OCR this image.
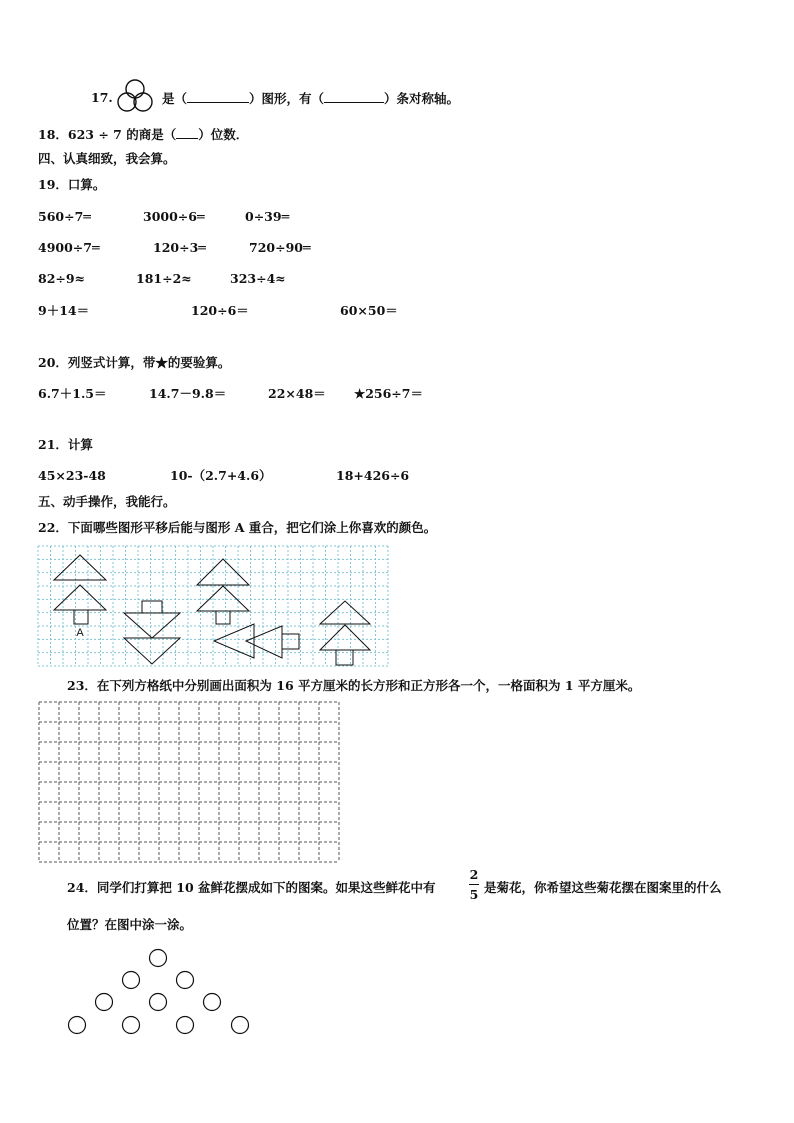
17.	是（	）图形，有（	）条对称轴。
18．623 ÷ 7 的商是（ ）位数．
四、认真细致，我会算。
19．口算。
560÷7═	3000÷6═	0÷39═
4900÷7═	120÷3═	720÷90═
82÷9≈	181÷2≈	323÷4≈
9＋14＝	120÷6＝	60×50＝
20．列竖式计算，带★的要验算。
6.7＋1.5＝	14.7－9.8＝	22×48＝ ★256÷7＝
21．计算
45×23-48	10-（2.7+4.6）	18+426÷6
五、动手操作，我能行。
22．下面哪些图形平移后能与图形 A 重合，把它们涂上你喜欢的颜色。
A
23．在下列方格纸中分别画出面积为 16 平方厘米的长方形和正方形各一个，一格面积为 1 平方厘米。
24．同学们打算把 10 盆鲜花摆成如下的图案。如果这些鲜花中有
2
5 是菊花，你希望这些菊花摆在图案里的什么
位置？在图中涂一涂。
